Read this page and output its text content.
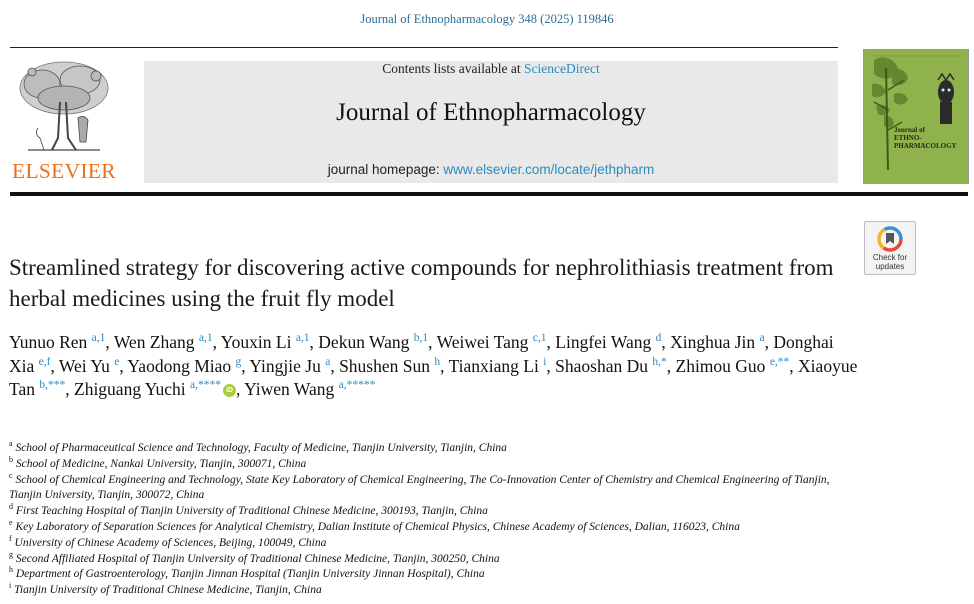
Journal of Ethnopharmacology 348 (2025) 119846
ELSEVIER
Contents lists available at ScienceDirect
Journal of Ethnopharmacology
journal homepage: www.elsevier.com/locate/jethpharm
Journal of
ETHNO-
PHARMACOLOGY
Check for
updates
Streamlined strategy for discovering active compounds for nephrolithiasis treatment from herbal medicines using the fruit fly model
Yunuo Ren $^{a,1}$, Wen Zhang $^{a,1}$, Youxin Li $^{a,1}$, Dekun Wang $^{b,1}$, Weiwei Tang $^{c,1}$, Lingfei Wang $^d$, Xinghua Jin $^a$, Donghai Xia $^{e,f}$, Wei Yu $^e$, Yaodong Miao $^g$, Yingjie Ju $^a$, Shushen Sun $^h$, Tianxiang Li $^i$, Shaoshan Du $^{h,*}$, Zhimou Guo $^{e,**}$, Xiaoyue Tan $^{b,***}$, Zhiguang Yuchi $^{a,****}$ iD , Yiwen Wang $^{a,*****}$
$^a$ School of Pharmaceutical Science and Technology, Faculty of Medicine, Tianjin University, Tianjin, China
$^b$ School of Medicine, Nankai University, Tianjin, 300071, China
$^c$ School of Chemical Engineering and Technology, State Key Laboratory of Chemical Engineering, The Co-Innovation Center of Chemistry and Chemical Engineering of Tianjin, Tianjin University, Tianjin, 300072, China
$^d$ First Teaching Hospital of Tianjin University of Traditional Chinese Medicine, 300193, Tianjin, China
$^e$ Key Laboratory of Separation Sciences for Analytical Chemistry, Dalian Institute of Chemical Physics, Chinese Academy of Sciences, Dalian, 116023, China
$^f$ University of Chinese Academy of Sciences, Beijing, 100049, China
$^g$ Second Affiliated Hospital of Tianjin University of Traditional Chinese Medicine, Tianjin, 300250, China
$^h$ Department of Gastroenterology, Tianjin Jinnan Hospital (Tianjin University Jinnan Hospital), China
$^i$ Tianjin University of Traditional Chinese Medicine, Tianjin, China
